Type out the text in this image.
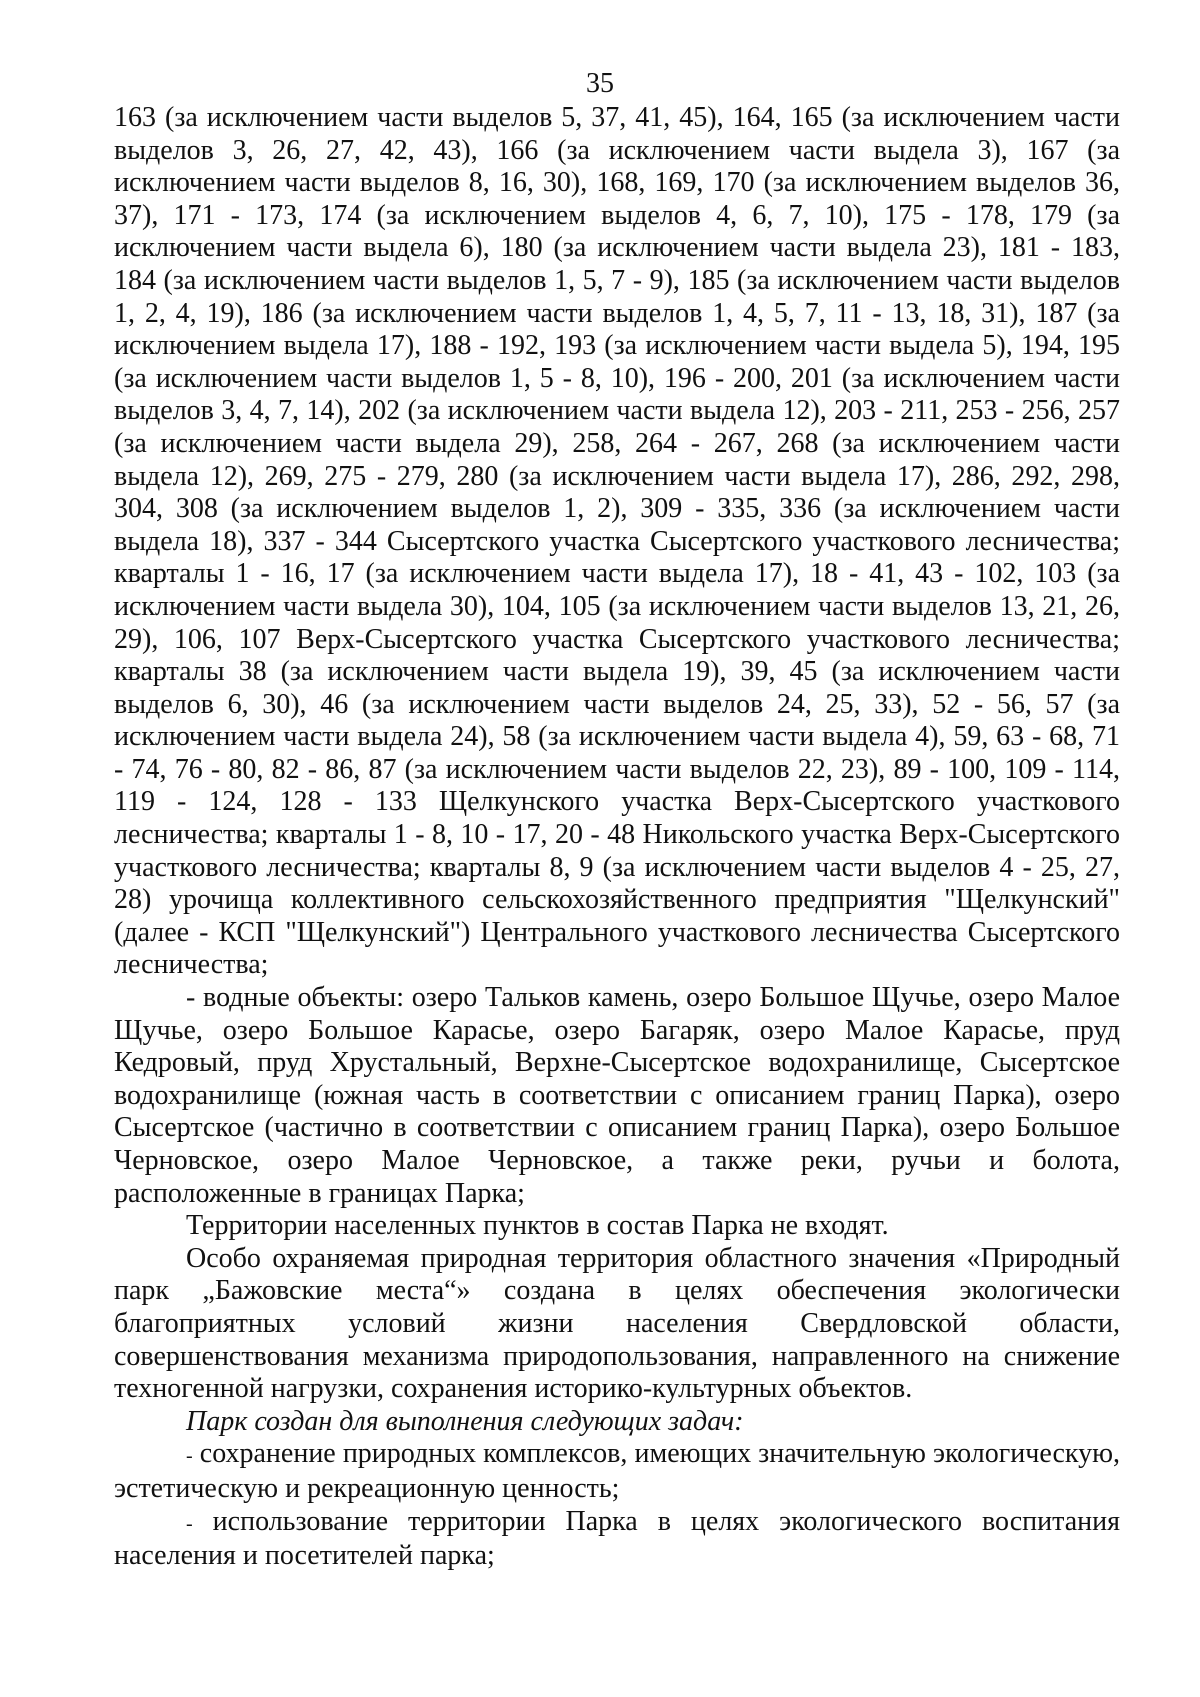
35

163 (за исключением части выделов 5, 37, 41, 45), 164, 165 (за исключением части выделов 3, 26, 27, 42, 43), 166 (за исключением части выдела 3), 167 (за исключением части выделов 8, 16, 30), 168, 169, 170 (за исключением выделов 36, 37), 171 - 173, 174 (за исключением выделов 4, 6, 7, 10), 175 - 178, 179 (за исключением части выдела 6), 180 (за исключением части выдела 23), 181 - 183, 184 (за исключением части выделов 1, 5, 7 - 9), 185 (за исключением части выделов 1, 2, 4, 19), 186 (за исключением части выделов 1, 4, 5, 7, 11 - 13, 18, 31), 187 (за исключением выдела 17), 188 - 192, 193 (за исключением части выдела 5), 194, 195 (за исключением части выделов 1, 5 - 8, 10), 196 - 200, 201 (за исключением части выделов 3, 4, 7, 14), 202 (за исключением части выдела 12), 203 - 211, 253 - 256, 257 (за исключением части выдела 29), 258, 264 - 267, 268 (за исключением части выдела 12), 269, 275 - 279, 280 (за исключением части выдела 17), 286, 292, 298, 304, 308 (за исключением выделов 1, 2), 309 - 335, 336 (за исключением части выдела 18), 337 - 344 Сысертского участка Сысертского участкового лесничества; кварталы 1 - 16, 17 (за исключением части выдела 17), 18 - 41, 43 - 102, 103 (за исключением части выдела 30), 104, 105 (за исключением части выделов 13, 21, 26, 29), 106, 107 Верх-Сысертского участка Сысертского участкового лесничества; кварталы 38 (за исключением части выдела 19), 39, 45 (за исключением части выделов 6, 30), 46 (за исключением части выделов 24, 25, 33), 52 - 56, 57 (за исключением части выдела 24), 58 (за исключением части выдела 4), 59, 63 - 68, 71 - 74, 76 - 80, 82 - 86, 87 (за исключением части выделов 22, 23), 89 - 100, 109 - 114, 119 - 124, 128 - 133 Щелкунского участка Верх-Сысертского участкового лесничества; кварталы 1 - 8, 10 - 17, 20 - 48 Никольского участка Верх-Сысертского участкового лесничества; кварталы 8, 9 (за исключением части выделов 4 - 25, 27, 28) урочища коллективного сельскохозяйственного предприятия "Щелкунский" (далее - КСП "Щелкунский") Центрального участкового лесничества Сысертского лесничества;

- водные объекты: озеро Тальков камень, озеро Большое Щучье, озеро Малое Щучье, озеро Большое Карасье, озеро Багаряк, озеро Малое Карасье, пруд Кедровый, пруд Хрустальный, Верхне-Сысертское водохранилище, Сысертское водохранилище (южная часть в соответствии с описанием границ Парка), озеро Сысертское (частично в соответствии с описанием границ Парка), озеро Большое Черновское, озеро Малое Черновское, а также реки, ручьи и болота, расположенные в границах Парка;

Территории населенных пунктов в состав Парка не входят.

Особо охраняемая природная территория областного значения «Природный парк „Бажовские места“» создана в целях обеспечения экологически благоприятных условий жизни населения Свердловской области, совершенствования механизма природопользования, направленного на снижение техногенной нагрузки, сохранения историко-культурных объектов.

Парк создан для выполнения следующих задач:

- сохранение природных комплексов, имеющих значительную экологическую, эстетическую и рекреационную ценность;

- использование территории Парка в целях экологического воспитания населения и посетителей парка;
